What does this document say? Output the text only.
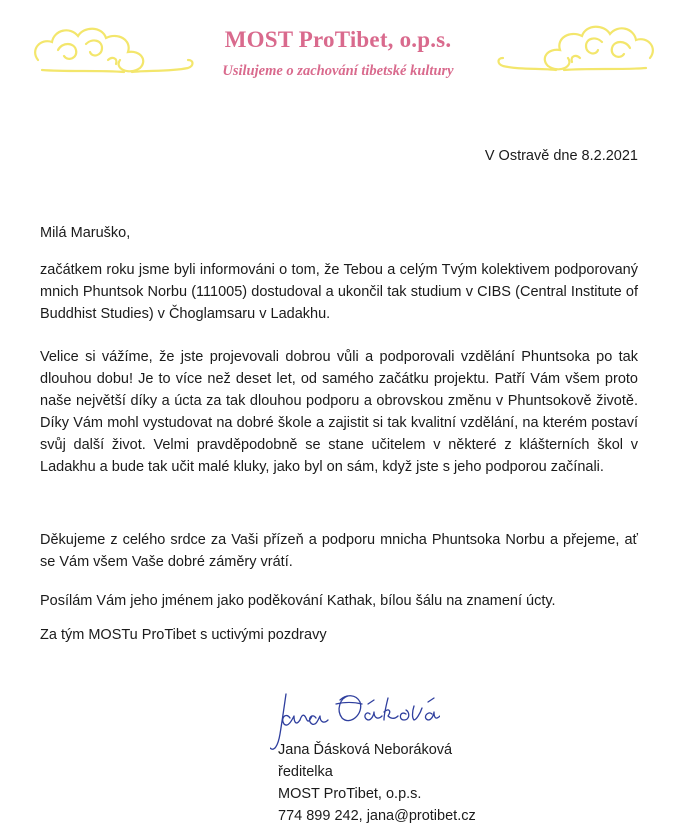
MOST ProTibet, o.p.s.
Usilujeme o zachování tibetské kultury
V Ostravě dne 8.2.2021
Milá Maruško,

začátkem roku jsme byli informováni o tom, že Tebou a celým Tvým kolektivem podporovaný mnich Phuntsok Norbu (111005) dostudoval a ukončil tak studium v CIBS (Central Institute of Buddhist Studies) v Čhoglamsaru v Ladakhu.

Velice si vážíme, že jste projevovali dobrou vůli a podporovali vzdělání Phuntsoka po tak dlouhou dobu! Je to více než deset let, od samého začátku projektu. Patří Vám všem proto naše největší díky a úcta za tak dlouhou podporu a obrovskou změnu v Phuntsokově životě. Díky Vám mohl vystudovat na dobré škole a zajistit si tak kvalitní vzdělání, na kterém postaví svůj další život. Velmi pravděpodobně se stane učitelem v některé z klášterních škol v Ladakhu a bude tak učit malé kluky, jako byl on sám, když jste s jeho podporou začínali.

Děkujeme z celého srdce za Vaši přízeň a podporu mnicha Phuntsoka Norbu a přejeme, ať se Vám všem Vaše dobré záměry vrátí.

Posílám Vám jeho jménem jako poděkování Kathak, bílou šálu na znamení úcty.

Za tým MOSTu ProTibet s uctivými pozdravy
Jana Ďásková Neboráková
ředitelka
MOST ProTibet, o.p.s.
774 899 242, jana@protibet.cz
